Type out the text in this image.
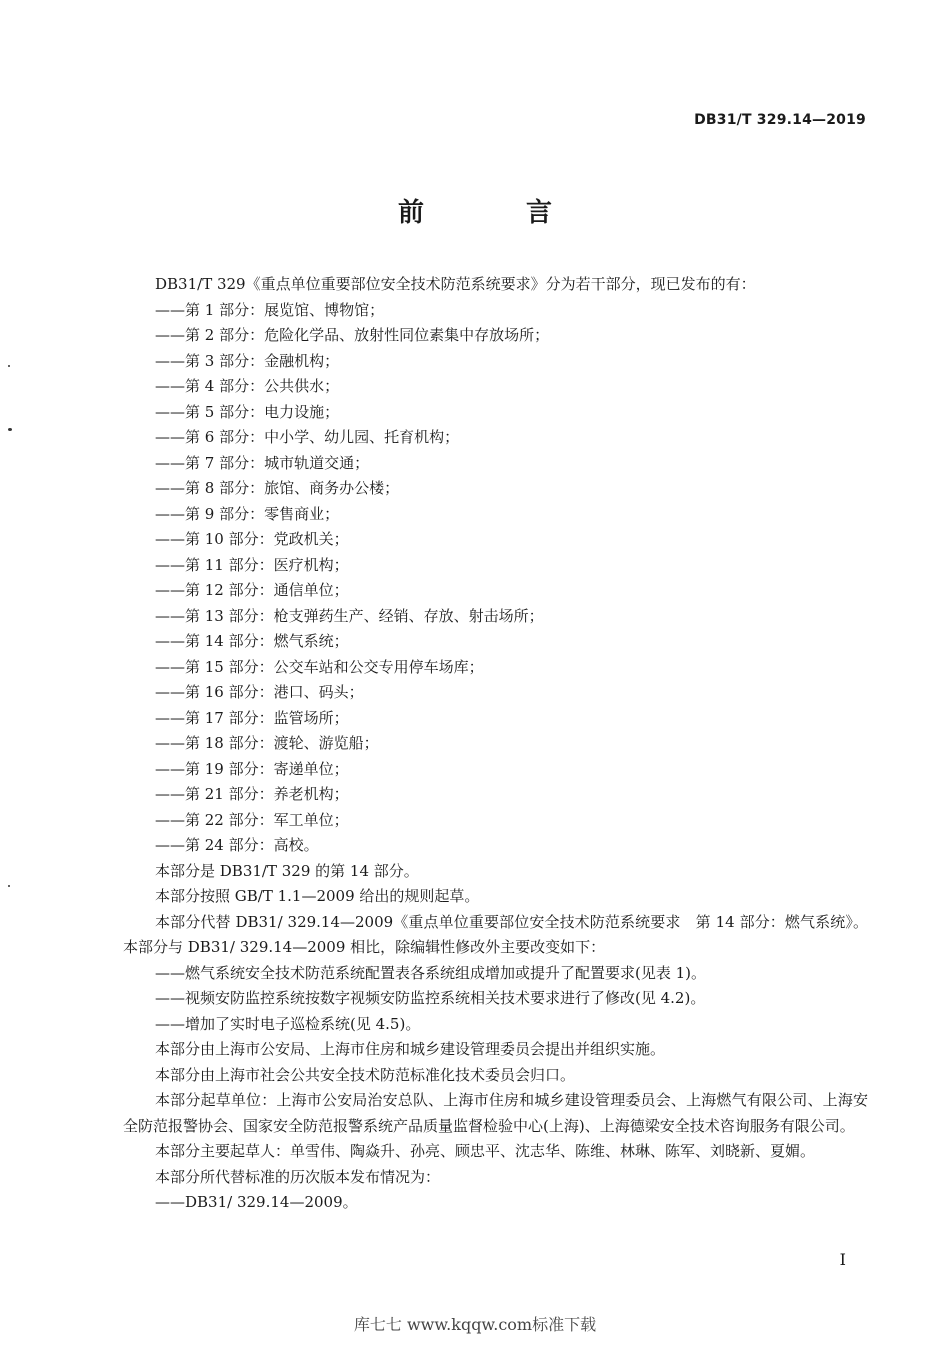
DB31/T 329.14—2019
前　言

DB31/T 329《重点单位重要部位安全技术防范系统要求》分为若干部分，现已发布的有：

——第 1 部分：展览馆、博物馆；

——第 2 部分：危险化学品、放射性同位素集中存放场所；

——第 3 部分：金融机构；

——第 4 部分：公共供水；

——第 5 部分：电力设施；

——第 6 部分：中小学、幼儿园、托育机构；

——第 7 部分：城市轨道交通；

——第 8 部分：旅馆、商务办公楼；

——第 9 部分：零售商业；

——第 10 部分：党政机关；

——第 11 部分：医疗机构；

——第 12 部分：通信单位；

——第 13 部分：枪支弹药生产、经销、存放、射击场所；

——第 14 部分：燃气系统；

——第 15 部分：公交车站和公交专用停车场库；

——第 16 部分：港口、码头；

——第 17 部分：监管场所；

——第 18 部分：渡轮、游览船；

——第 19 部分：寄递单位；

——第 21 部分：养老机构；

——第 22 部分：军工单位；

——第 24 部分：高校。

本部分是 DB31/T 329 的第 14 部分。

本部分按照 GB/T 1.1—2009 给出的规则起草。

本部分代替 DB31/ 329.14—2009《重点单位重要部位安全技术防范系统要求　第 14 部分：燃气系统》。本部分与 DB31/ 329.14—2009 相比，除编辑性修改外主要改变如下：

——燃气系统安全技术防范系统配置表各系统组成增加或提升了配置要求(见表 1)。

——视频安防监控系统按数字视频安防监控系统相关技术要求进行了修改(见 4.2)。

——增加了实时电子巡检系统(见 4.5)。

本部分由上海市公安局、上海市住房和城乡建设管理委员会提出并组织实施。

本部分由上海市社会公共安全技术防范标准化技术委员会归口。

本部分起草单位：上海市公安局治安总队、上海市住房和城乡建设管理委员会、上海燃气有限公司、上海安全防范报警协会、国家安全防范报警系统产品质量监督检验中心(上海)、上海德梁安全技术咨询服务有限公司。

本部分主要起草人：单雪伟、陶焱升、孙亮、顾忠平、沈志华、陈维、林琳、陈军、刘晓新、夏媚。

本部分所代替标准的历次版本发布情况为：

——DB31/ 329.14—2009。

I
库七七 www.kqqw.com标准下载
